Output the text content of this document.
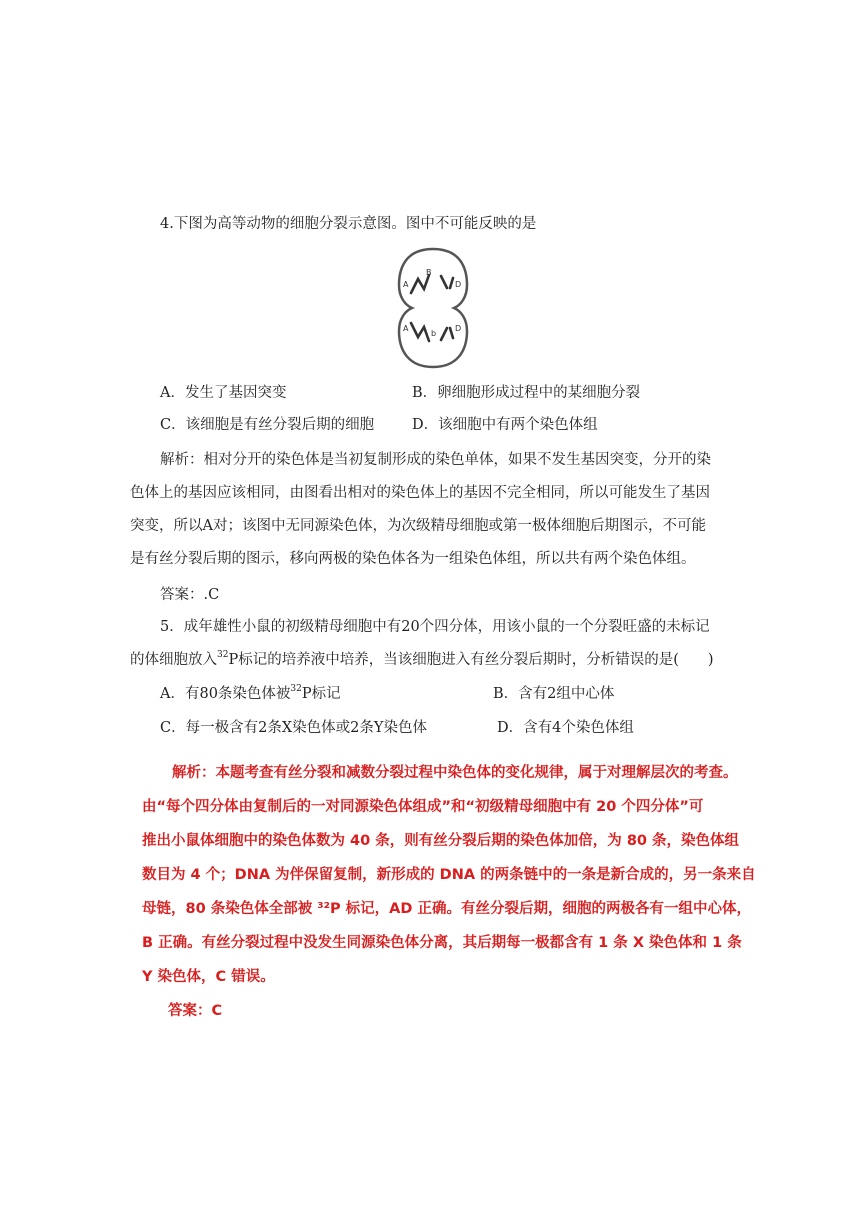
4.下图为高等动物的细胞分裂示意图。图中不可能反映的是
A
B
D
A
b
D
A．发生了基因突变	B．卵细胞形成过程中的某细胞分裂
C．该细胞是有丝分裂后期的细胞	D．该细胞中有两个染色体组
解析：相对分开的染色体是当初复制形成的染色单体，如果不发生基因突变，分开的染
色体上的基因应该相同，由图看出相对的染色体上的基因不完全相同，所以可能发生了基因
突变，所以A对；该图中无同源染色体，为次级精母细胞或第一极体细胞后期图示，不可能
是有丝分裂后期的图示，移向两极的染色体各为一组染色体组，所以共有两个染色体组。
答案：.C
5．成年雄性小鼠的初级精母细胞中有20个四分体，用该小鼠的一个分裂旺盛的未标记
的体细胞放入$^{32}$P标记的培养液中培养，当该细胞进入有丝分裂后期时，分析错误的是(　　)
A．有80条染色体被$^{32}$P标记	B．含有2组中心体
C．每一极含有2条X染色体或2条Y染色体	D．含有4个染色体组
解析：本题考查有丝分裂和减数分裂过程中染色体的变化规律，属于对理解层次的考查。
由“每个四分体由复制后的一对同源染色体组成”和“初级精母细胞中有 20 个四分体”可
推出小鼠体细胞中的染色体数为 40 条，则有丝分裂后期的染色体加倍，为 80 条，染色体组
数目为 4 个；DNA 为伴保留复制，新形成的 DNA 的两条链中的一条是新合成的，另一条来自
母链，80 条染色体全部被 ³²P 标记，AD 正确。有丝分裂后期，细胞的两极各有一组中心体，
B 正确。有丝分裂过程中没发生同源染色体分离，其后期每一极都含有 1 条 X 染色体和 1 条
Y 染色体，C 错误。
答案：C
